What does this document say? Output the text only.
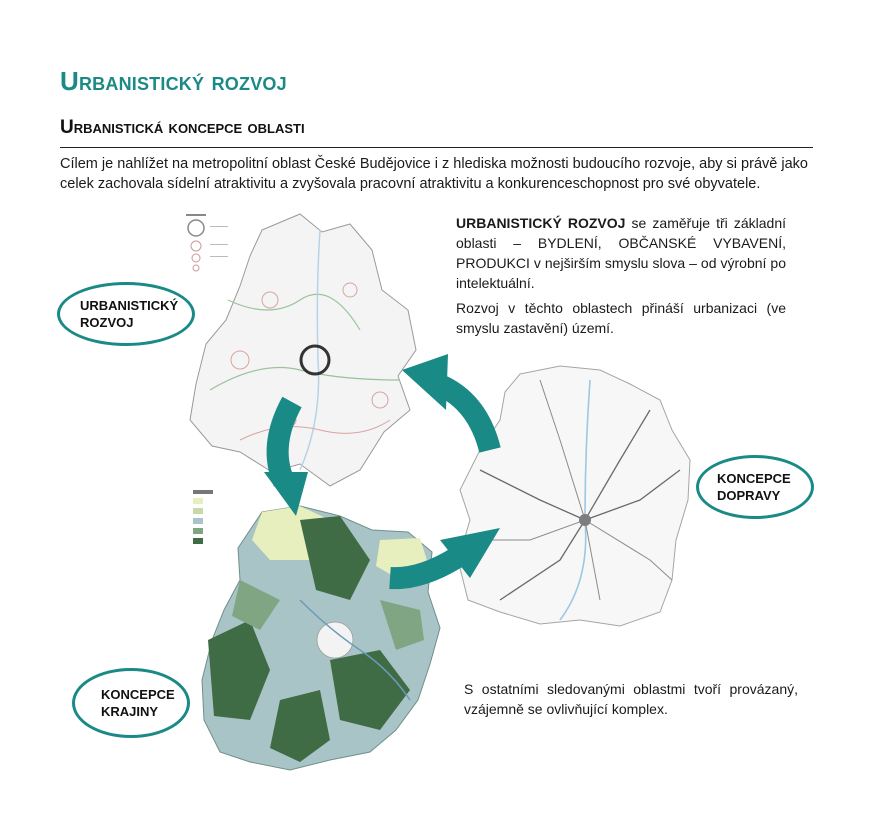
Urbanistický rozvoj
Urbanistická koncepce oblasti
Cílem je nahlížet na metropolitní oblast České Budějovice i z hlediska možnosti budoucího rozvoje, aby si právě jako celek zachovala sídelní atraktivitu a zvyšovala pracovní atraktivitu a konkurenceschopnost pro své obyvatele.
URBANISTICKÝ ROZVOJ se zaměřuje tři základní oblasti – BYDLENÍ, OBČANSKÉ VYBAVENÍ, PRODUKCI v nejširším smyslu slova – od výrobní po intelektuální.
Rozvoj v těchto oblastech přináší urbanizaci (ve smyslu zastavění) území.
S ostatními sledovanými oblastmi tvoří provázaný, vzájemně se ovlivňující komplex.
URBANISTICKÝ
ROZVOJ
KONCEPCE
DOPRAVY
KONCEPCE
KRAJINY
